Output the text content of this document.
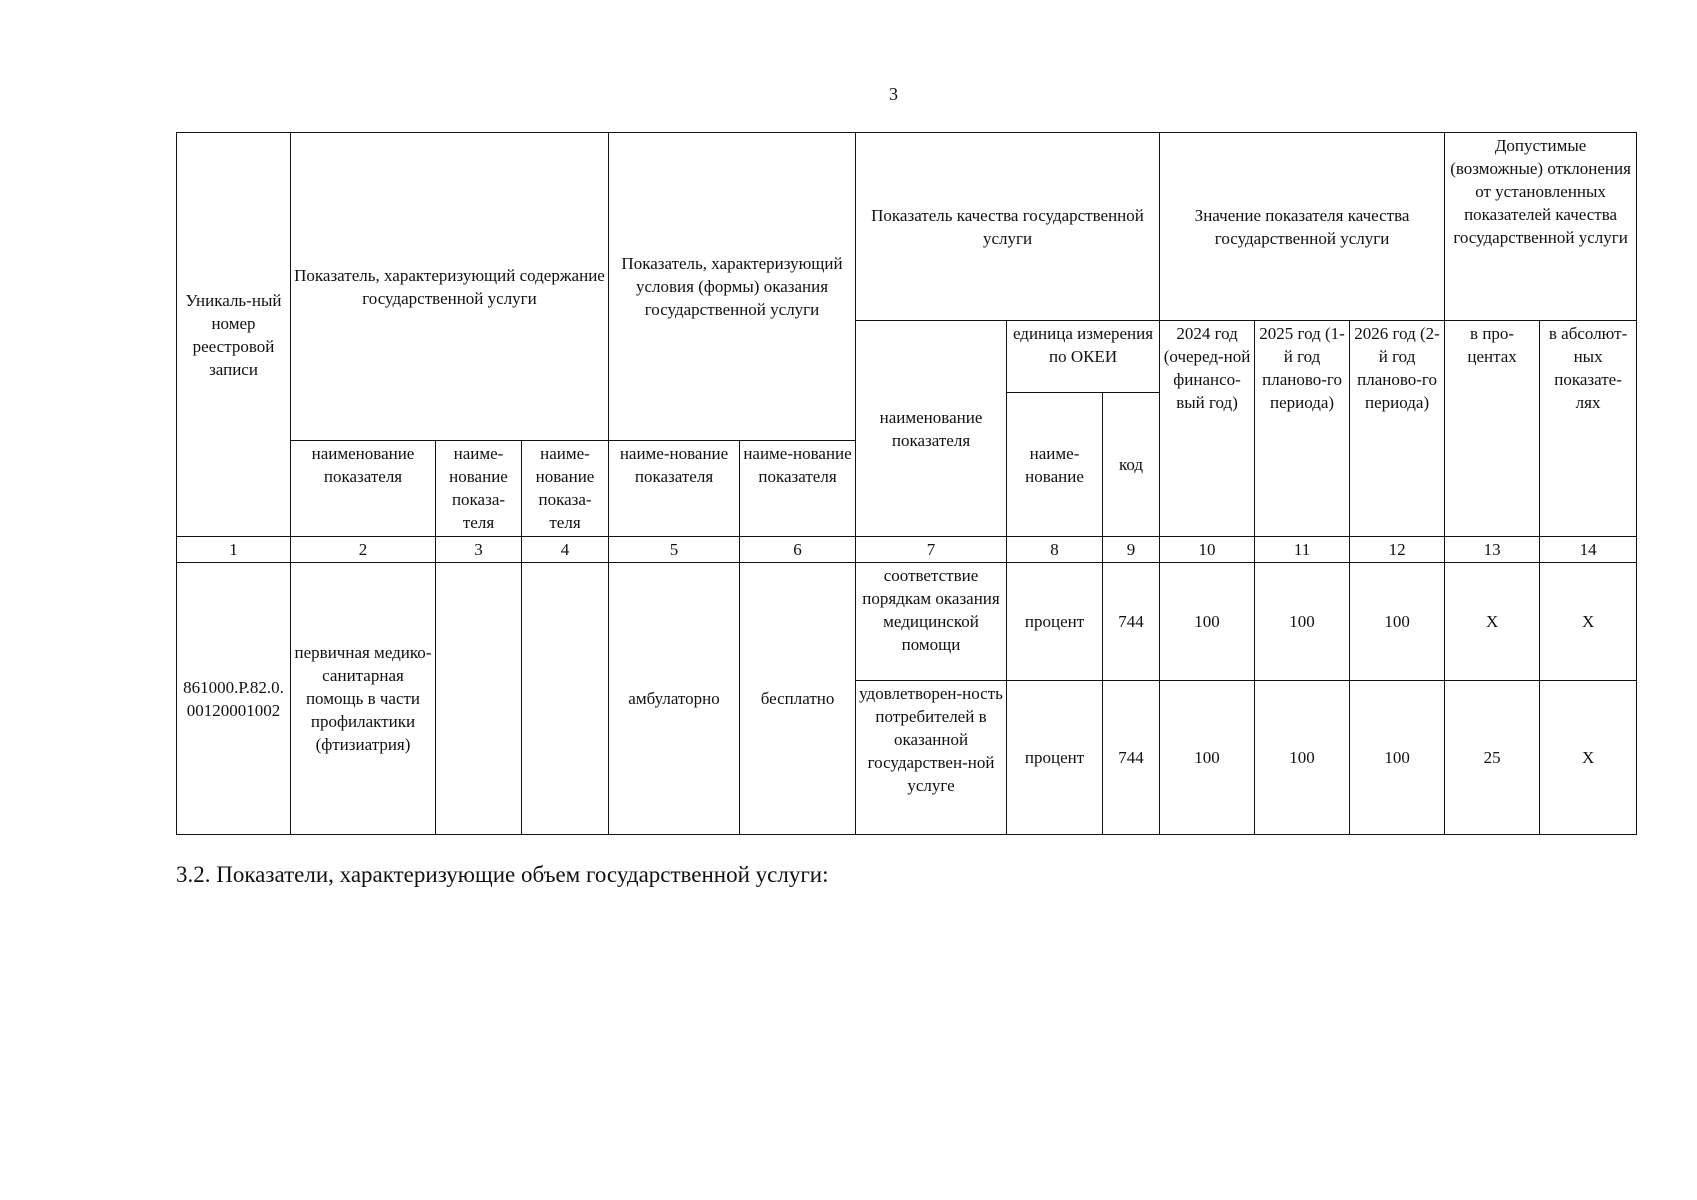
3
Уникаль-ный номер реестровой записи	Показатель, характеризующий содержание государственной услуги			Показатель, характеризующий условия (формы) оказания государственной услуги		Показатель качества государственной услуги			Значение показателя качества государственной услуги			Допустимые (возможные) отклонения от установленных показателей качества государственной услуги	
						наименование показателя	единица измерения по ОКЕИ		2024 год (очеред-ной финансо-вый год)	2025 год (1-й год планово-го периода)	2026 год (2-й год планово-го периода)	в про-центах	в абсолют-ных показате-лях
							наиме-нование	код					
	наименование показателя	наиме-нование показа-теля	наиме-нование показа-теля	наиме-нование показателя	наиме-нование показателя								
1	2	3	4	5	6	7	8	9	10	11	12	13	14
861000.Р.82.0.00120001002	первичная медико-санитарная помощь в части профилактики (фтизиатрия)			амбулаторно	бесплатно	соответствие порядкам оказания медицинской помощи	процент	744	100	100	100	X	X
						удовлетворен-ность потребителей в оказанной государствен-ной услуге	процент	744	100	100	100	25	X
3.2. Показатели, характеризующие объем государственной услуги:
